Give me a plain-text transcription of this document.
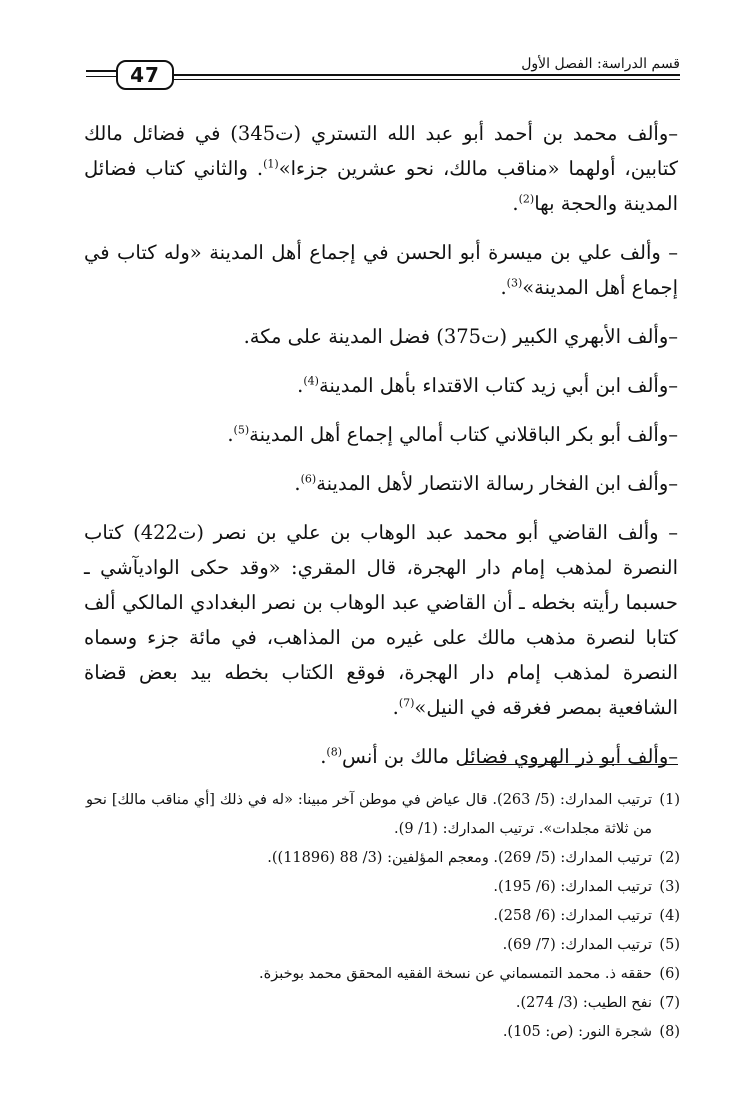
47	قسم الدراسة: الفصل الأول

–وألف محمد بن أحمد أبو عبد الله التستري (ت345) في فضائل مالك كتابين، أولهما «مناقب مالك، نحو عشرين جزءا»$^{(1)}$. والثاني كتاب فضائل المدينة والحجة بها$^{(2)}$.

– وألف علي بن ميسرة أبو الحسن في إجماع أهل المدينة «وله كتاب في إجماع أهل المدينة»$^{(3)}$.

–وألف الأبهري الكبير (ت375) فضل المدينة على مكة.

–وألف ابن أبي زيد كتاب الاقتداء بأهل المدينة$^{(4)}$.

–وألف أبو بكر الباقلاني كتاب أمالي إجماع أهل المدينة$^{(5)}$.

–وألف ابن الفخار رسالة الانتصار لأهل المدينة$^{(6)}$.

– وألف القاضي أبو محمد عبد الوهاب بن علي بن نصر (ت422) كتاب النصرة لمذهب إمام دار الهجرة، قال المقري: «وقد حكى الواديآشي ـ حسبما رأيته بخطه ـ أن القاضي عبد الوهاب بن نصر البغدادي المالكي ألف كتابا لنصرة مذهب مالك على غيره من المذاهب، في مائة جزء وسماه النصرة لمذهب إمام دار الهجرة، فوقع الكتاب بخطه بيد بعض قضاة الشافعية بمصر فغرقه في النيل»$^{(7)}$.

–وألف أبو ذر الهروي فضائل مالك بن أنس$^{(8)}$.

(1)
ترتيب المدارك: (5/ 263). قال عياض في موطن آخر مبينا: «له في ذلك [أي مناقب مالك] نحو من ثلاثة مجلدات». ترتيب المدارك: (1/ 9).
(2)
ترتيب المدارك: (5/ 269). ومعجم المؤلفين: (3/ 88 (11896)).
(3)
ترتيب المدارك: (6/ 195).
(4)
ترتيب المدارك: (6/ 258).
(5)
ترتيب المدارك: (7/ 69).
(6)
حققه ذ. محمد التمسماني عن نسخة الفقيه المحقق محمد بوخبزة.
(7)
نفح الطيب: (3/ 274).
(8)
شجرة النور: (ص: 105).
